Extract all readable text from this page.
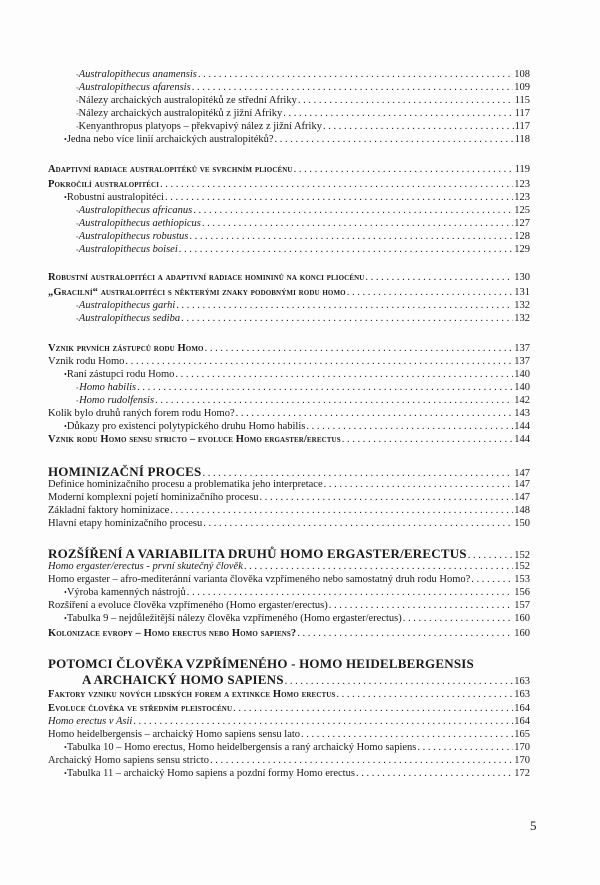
◦ Australopithecus anamensis . . .	108
◦ Australopithecus afarensis . . .	109
◦ Nálezy archaických australopitéků ze střední Afriky . . .	115
◦ Nálezy archaických australopitéků z jižní Afriky . . .	117
◦ Kenyanthropus platyops – překvapivý nález z jižní Afriky . . .	117
• Jedna nebo více linií archaických australopitéků? . . .	118
Adaptivní radiace australopitéků ve svrchním pliocénu . . .	119
Pokročilí australopitéci . . .	123
• Robustní australopitéci . . .	123
◦ Australopithecus africanus . . .	125
◦ Australopithecus aethiopicus . . .	127
◦ Australopithecus robustus . . .	128
◦ Australopithecus boisei . . .	129
Robustní australopitéci a adaptivní radiace homininů na konci pliocénu . . .	130
„Gracilní“ australopitéci s některými znaky podobnými rodu homo . . .	131
◦ Australopithecus garhi . . .	132
◦ Australopithecus sediba . . .	132
Vznik prvních zástupců rodu Homo . . .	137
Vznik rodu Homo . . .	137
• Raní zástupci rodu Homo . . .	140
◦ Homo habilis . . .	140
◦ Homo rudolfensis . . .	142
Kolik bylo druhů raných forem rodu Homo? . . .	143
• Důkazy pro existenci polytypického druhu Homo habilis . . .	144
Vznik rodu Homo sensu stricto – evoluce Homo ergaster/erectus . . .	144
HOMINIZAČNÍ PROCES . . .	147
Definice hominizačního procesu a problematika jeho interpretace . . .	147
Moderní komplexní pojetí hominizačního procesu . . .	147
Základní faktory hominizace . . .	148
Hlavní etapy hominizačního procesu . . .	150
ROZŠÍŘENÍ A VARIABILITA DRUHŮ HOMO ERGASTER/ERECTUS . . .	152
Homo ergaster/erectus - první skutečný člověk . . .	152
Homo ergaster – afro-mediteránní varianta člověka vzpřímeného nebo samostatný druh rodu Homo? . . .	153
• Výroba kamenných nástrojů . . .	156
Rozšíření a evoluce člověka vzpřímeného (Homo ergaster/erectus) . . .	157
• Tabulka 9 – nejdůležitější nálezy člověka vzpřímeného (Homo ergaster/erectus) . . .	160
Kolonizace evropy – Homo erectus nebo Homo sapiens? . . .	160
POTOMCI ČLOVĚKA VZPŘÍMENÉHO - HOMO HEIDELBERGENSIS
A ARCHAICKÝ HOMO SAPIENS . . .	163
Faktory vzniku nových lidských forem a extinkce Homo erectus . . .	163
Evoluce člověka ve středním pleistocénu . . .	164
Homo erectus v Asii . . .	164
Homo heidelbergensis – archaický Homo sapiens sensu lato . . .	165
• Tabulka 10 – Homo erectus, Homo heidelbergensis a raný archaický Homo sapiens . . .	170
Archaický Homo sapiens sensu stricto . . .	170
• Tabulka 11 – archaický Homo sapiens a pozdní formy Homo erectus . . .	172
5
